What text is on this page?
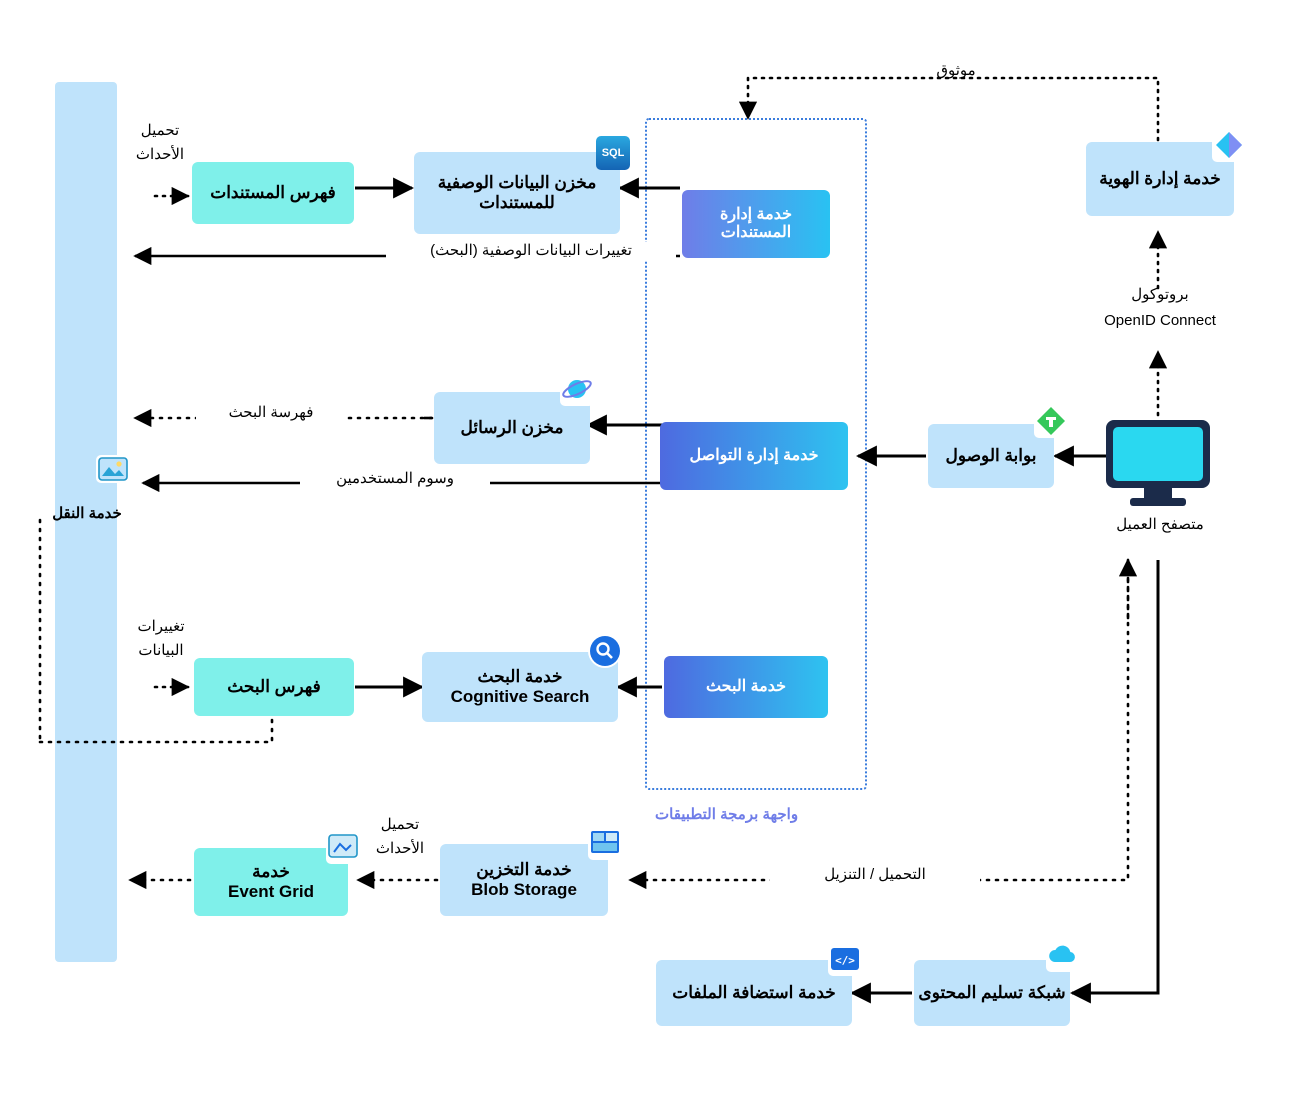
خدمة النقل
واجهة برمجة التطبيقات
فهرس المستندات
مخزن البيانات الوصفية للمستندات
SQL
خدمة إدارة المستندات
خدمة إدارة الهوية
مخزن الرسائل
خدمة إدارة التواصل	بوابة الوصول
متصفح العميل
فهرس البحث
خدمة البحث
Cognitive Search
خدمة البحث
خدمة
Event Grid
خدمة التخزين
Blob Storage
خدمة استضافة الملفات
</>
شبكة تسليم المحتوى
موثوق
بروتوكول
OpenID Connect
تحميل
الأحداث
تغييرات البيانات الوصفية (البحث)
فهرسة البحث
وسوم المستخدمين
تغييرات
البيانات
تحميل
الأحداث
التحميل / التنزيل
